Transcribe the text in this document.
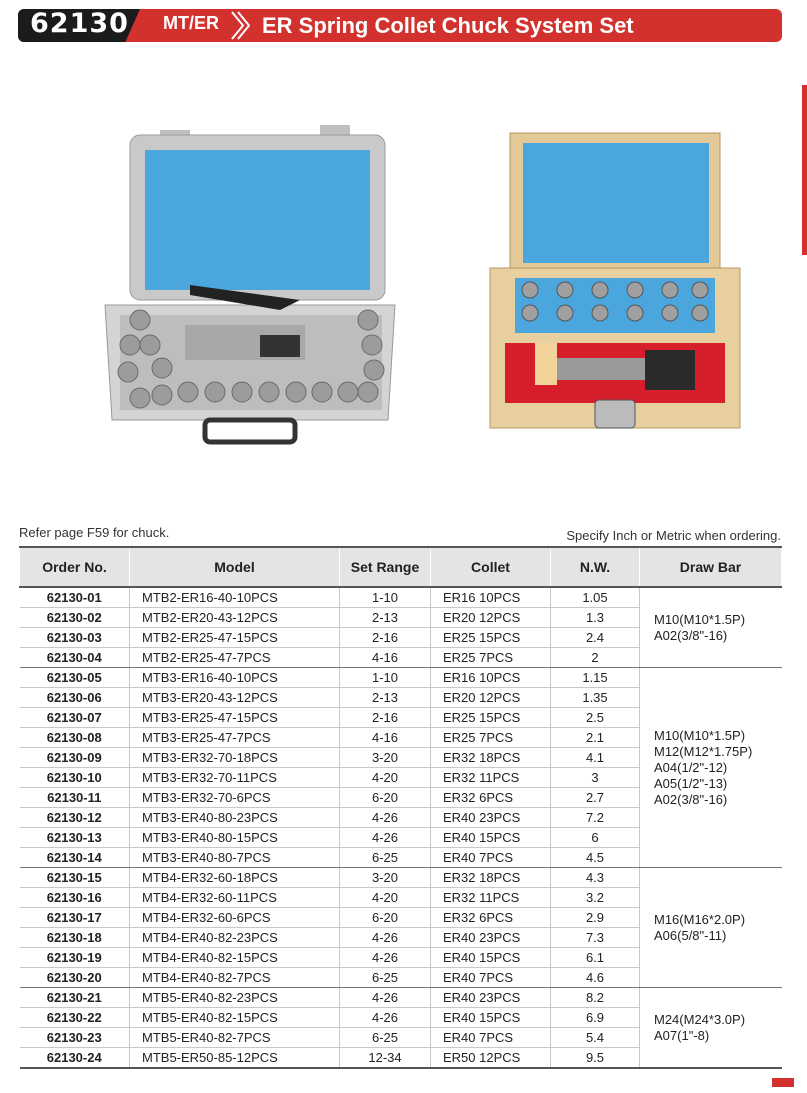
62130 MT/ER ER Spring Collet Chuck System Set
Refer page F59 for chuck.	Specify Inch or Metric when ordering.
Order No.	Model	Set Range	Collet	N.W.	Draw Bar
62130-01	MTB2-ER16-40-10PCS	1-10	ER16 10PCS	1.05	M10(M10*1.5P)
A02(3/8"-16)

62130-02	MTB2-ER20-43-12PCS	2-13	ER20 12PCS	1.3	
62130-03	MTB2-ER25-47-15PCS	2-16	ER25 15PCS	2.4	
62130-04	MTB2-ER25-47-7PCS	4-16	ER25 7PCS	2	
62130-05	MTB3-ER16-40-10PCS	1-10	ER16 10PCS	1.15	M10(M10*1.5P)
M12(M12*1.75P)
A04(1/2"-12)
A05(1/2"-13)
A02(3/8"-16)

62130-06	MTB3-ER20-43-12PCS	2-13	ER20 12PCS	1.35	
62130-07	MTB3-ER25-47-15PCS	2-16	ER25 15PCS	2.5	
62130-08	MTB3-ER25-47-7PCS	4-16	ER25 7PCS	2.1	
62130-09	MTB3-ER32-70-18PCS	3-20	ER32 18PCS	4.1	
62130-10	MTB3-ER32-70-11PCS	4-20	ER32 11PCS	3	
62130-11	MTB3-ER32-70-6PCS	6-20	ER32 6PCS	2.7	
62130-12	MTB3-ER40-80-23PCS	4-26	ER40 23PCS	7.2	
62130-13	MTB3-ER40-80-15PCS	4-26	ER40 15PCS	6	
62130-14	MTB3-ER40-80-7PCS	6-25	ER40 7PCS	4.5	
62130-15	MTB4-ER32-60-18PCS	3-20	ER32 18PCS	4.3	M16(M16*2.0P)
A06(5/8"-11)

62130-16	MTB4-ER32-60-11PCS	4-20	ER32 11PCS	3.2	
62130-17	MTB4-ER32-60-6PCS	6-20	ER32 6PCS	2.9	
62130-18	MTB4-ER40-82-23PCS	4-26	ER40 23PCS	7.3	
62130-19	MTB4-ER40-82-15PCS	4-26	ER40 15PCS	6.1	
62130-20	MTB4-ER40-82-7PCS	6-25	ER40 7PCS	4.6	
62130-21	MTB5-ER40-82-23PCS	4-26	ER40 23PCS	8.2	M24(M24*3.0P)
A07(1"-8)

62130-22	MTB5-ER40-82-15PCS	4-26	ER40 15PCS	6.9	
62130-23	MTB5-ER40-82-7PCS	6-25	ER40 7PCS	5.4	
62130-24	MTB5-ER50-85-12PCS	12-34	ER50 12PCS	9.5	
